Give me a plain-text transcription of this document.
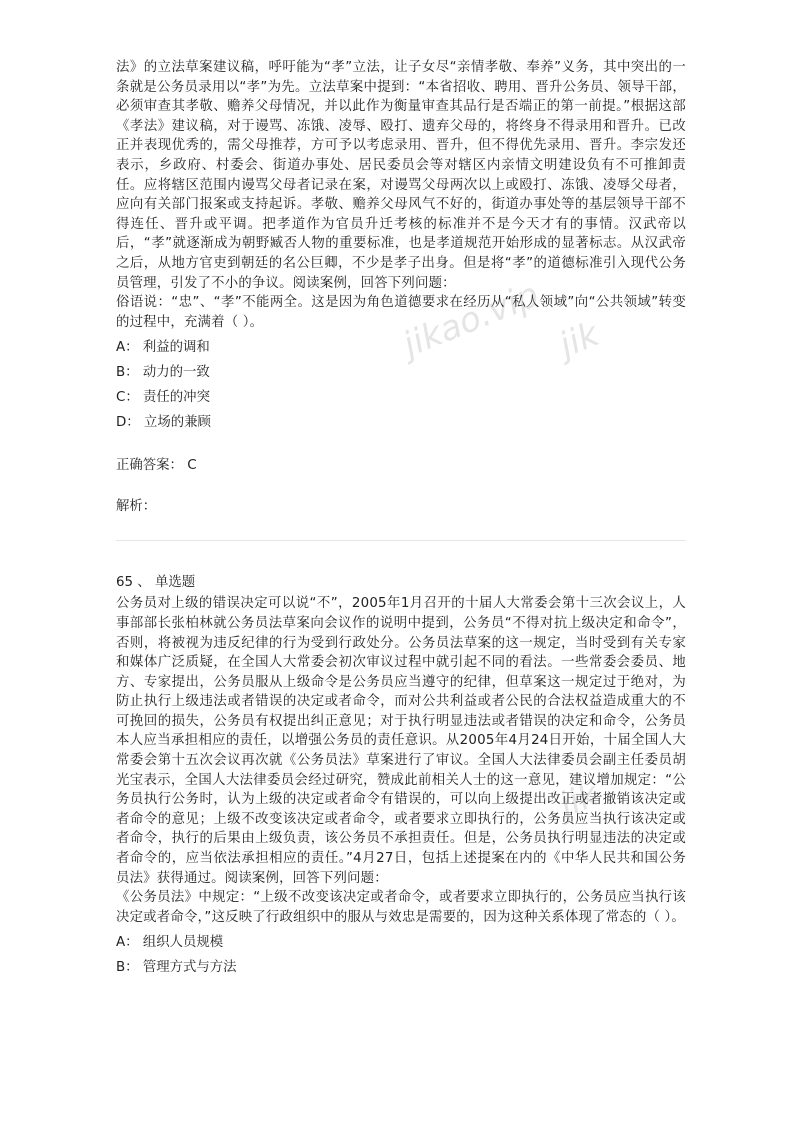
jikao.vip jik
jik

法》的立法草案建议稿，呼吁能为“孝”立法，让子女尽“亲情孝敬、奉养”义务，其中突出的一条就是公务员录用以“孝”为先。立法草案中提到：“本省招收、聘用、晋升公务员、领导干部，必须审查其孝敬、赡养父母情况，并以此作为衡量审查其品行是否端正的第一前提。”根据这部《孝法》建议稿，对于谩骂、冻饿、凌辱、殴打、遗弃父母的，将终身不得录用和晋升。已改正并表现优秀的，需父母推荐，方可予以考虑录用、晋升，但不得优先录用、晋升。李宗发还表示，乡政府、村委会、街道办事处、居民委员会等对辖区内亲情文明建设负有不可推卸责任。应将辖区范围内谩骂父母者记录在案，对谩骂父母两次以上或殴打、冻饿、凌辱父母者，应向有关部门报案或支持起诉。孝敬、赡养父母风气不好的，街道办事处等的基层领导干部不得连任、晋升或平调。把孝道作为官员升迁考核的标准并不是今天才有的事情。汉武帝以后，“孝”就逐渐成为朝野臧否人物的重要标准，也是孝道规范开始形成的显著标志。从汉武帝之后，从地方官吏到朝廷的名公巨卿，不少是孝子出身。但是将“孝”的道德标准引入现代公务员管理，引发了不小的争议。阅读案例，回答下列问题：

俗语说：“忠”、“孝”不能两全。这是因为角色道德要求在经历从“私人领域”向“公共领域”转变的过程中，充满着（ ）。

A： 利益的调和
B： 动力的一致
C： 责任的冲突
D： 立场的兼顾
正确答案： C
解析：
65 、 单选题

公务员对上级的错误决定可以说“不”，2005年1月召开的十届人大常委会第十三次会议上，人事部部长张柏林就公务员法草案向会议作的说明中提到，公务员“不得对抗上级决定和命令”，否则，将被视为违反纪律的行为受到行政处分。公务员法草案的这一规定，当时受到有关专家和媒体广泛质疑，在全国人大常委会初次审议过程中就引起不同的看法。一些常委会委员、地方、专家提出，公务员服从上级命令是公务员应当遵守的纪律，但草案这一规定过于绝对，为防止执行上级违法或者错误的决定或者命令，而对公共利益或者公民的合法权益造成重大的不可挽回的损失，公务员有权提出纠正意见；对于执行明显违法或者错误的决定和命令，公务员本人应当承担相应的责任，以增强公务员的责任意识。从2005年4月24日开始，十届全国人大常委会第十五次会议再次就《公务员法》草案进行了审议。全国人大法律委员会副主任委员胡光宝表示，全国人大法律委员会经过研究，赞成此前相关人士的这一意见，建议增加规定：“公务员执行公务时，认为上级的决定或者命令有错误的，可以向上级提出改正或者撤销该决定或者命令的意见；上级不改变该决定或者命令，或者要求立即执行的，公务员应当执行该决定或者命令，执行的后果由上级负责，该公务员不承担责任。但是，公务员执行明显违法的决定或者命令的，应当依法承担相应的责任。”4月27日，包括上述提案在内的《中华人民共和国公务员法》获得通过。阅读案例，回答下列问题：

《公务员法》中规定：“上级不改变该决定或者命令，或者要求立即执行的，公务员应当执行该决定或者命令，”这反映了行政组织中的服从与效忠是需要的，因为这种关系体现了常态的（ ）。

A： 组织人员规模
B： 管理方式与方法
